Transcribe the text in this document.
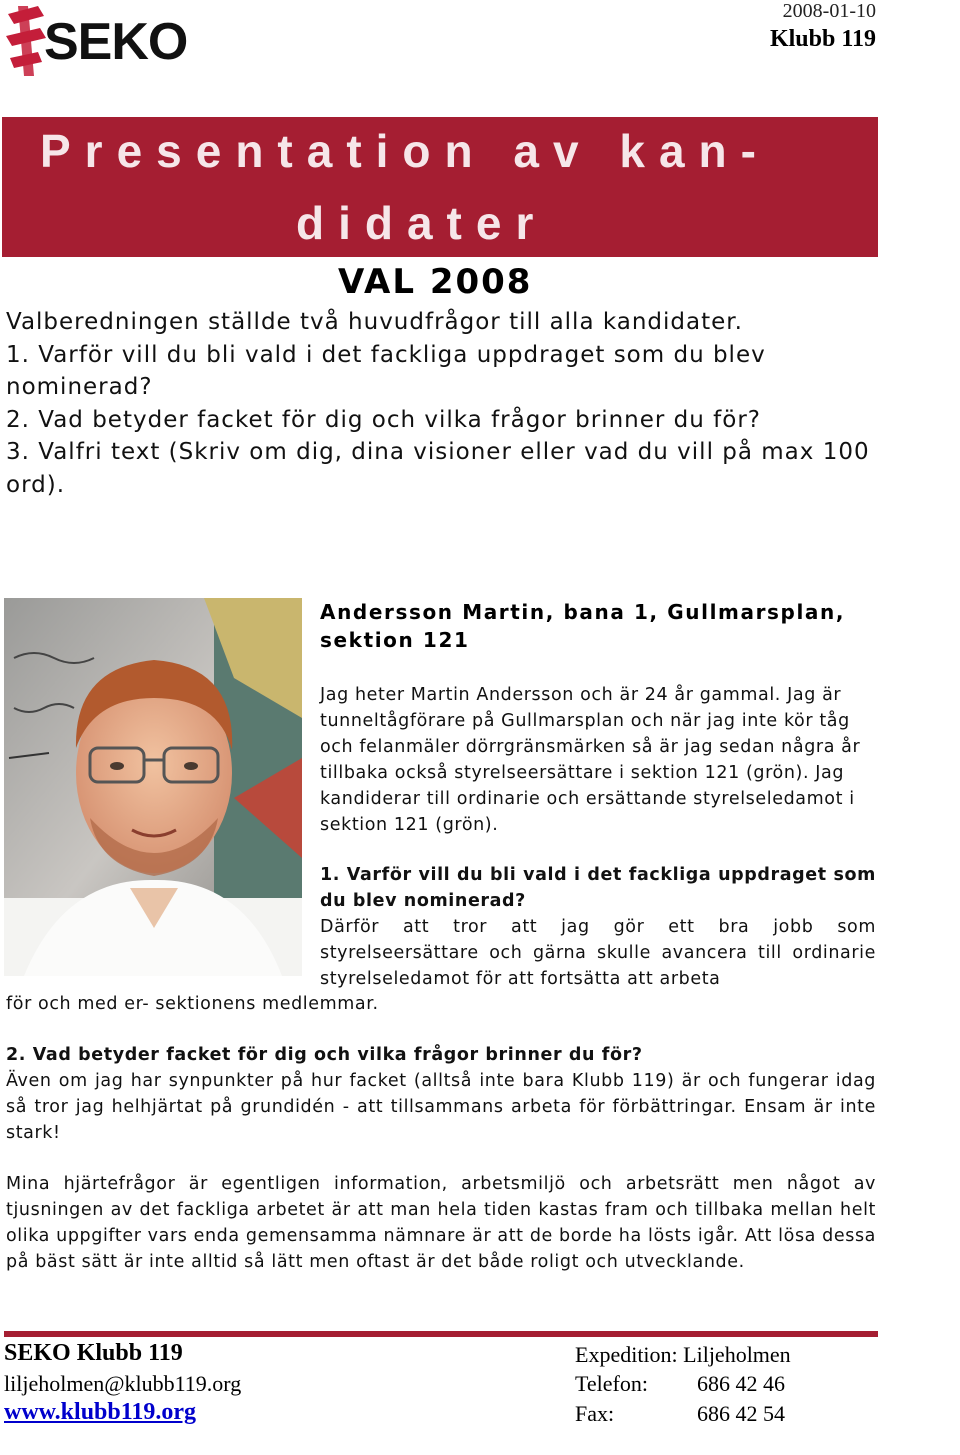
SEKO
2008-01-10
Klubb 119
Presentation av kan-
didater
VAL 2008

Valberedningen ställde två huvudfrågor till alla kandidater.

1. Varför vill du bli vald i det fackliga uppdraget som du blev nominerad?

2. Vad betyder facket för dig och vilka frågor brinner du för?

3. Valfri text (Skriv om dig, dina visioner eller vad du vill på max 100 ord).

Andersson Martin, bana 1, Gullmarsplan, sektion 121
Jag heter Martin Andersson och är 24 år gammal. Jag är tunneltågförare på Gullmarsplan och när jag inte kör tåg och felanmäler dörrgränsmärken så är jag sedan några år tillbaka också styrelseersättare i sektion 121 (grön). Jag kandiderar till ordinarie och ersättande styrelseledamot i sektion 121 (grön).
1. Varför vill du bli vald i det fackliga uppdraget som du blev nominerad?
Därför att tror att jag gör ett bra jobb som styrelseersättare och gärna skulle avancera till ordinarie styrelseledamot för att fortsätta att arbeta
för och med er- sektionens medlemmar.
2. Vad betyder facket för dig och vilka frågor brinner du för?
Även om jag har synpunkter på hur facket (alltså inte bara Klubb 119) är och fungerar idag så tror jag helhjärtat på grundidén - att tillsammans arbeta för förbättringar. Ensam är inte stark!
Mina hjärtefrågor är egentligen information, arbetsmiljö och arbetsrätt men något av tjusningen av det fackliga arbetet är att man hela tiden kastas fram och tillbaka mellan helt olika uppgifter vars enda gemensamma nämnare är att de borde ha lösts igår. Att lösa dessa på bäst sätt är inte alltid så lätt men oftast är det både roligt och utvecklande.
SEKO Klubb 119
liljeholmen@klubb119.org
www.klubb119.org
Expedition: Liljeholmen
Telefon: 686 42 46
Fax:	686 42 54
